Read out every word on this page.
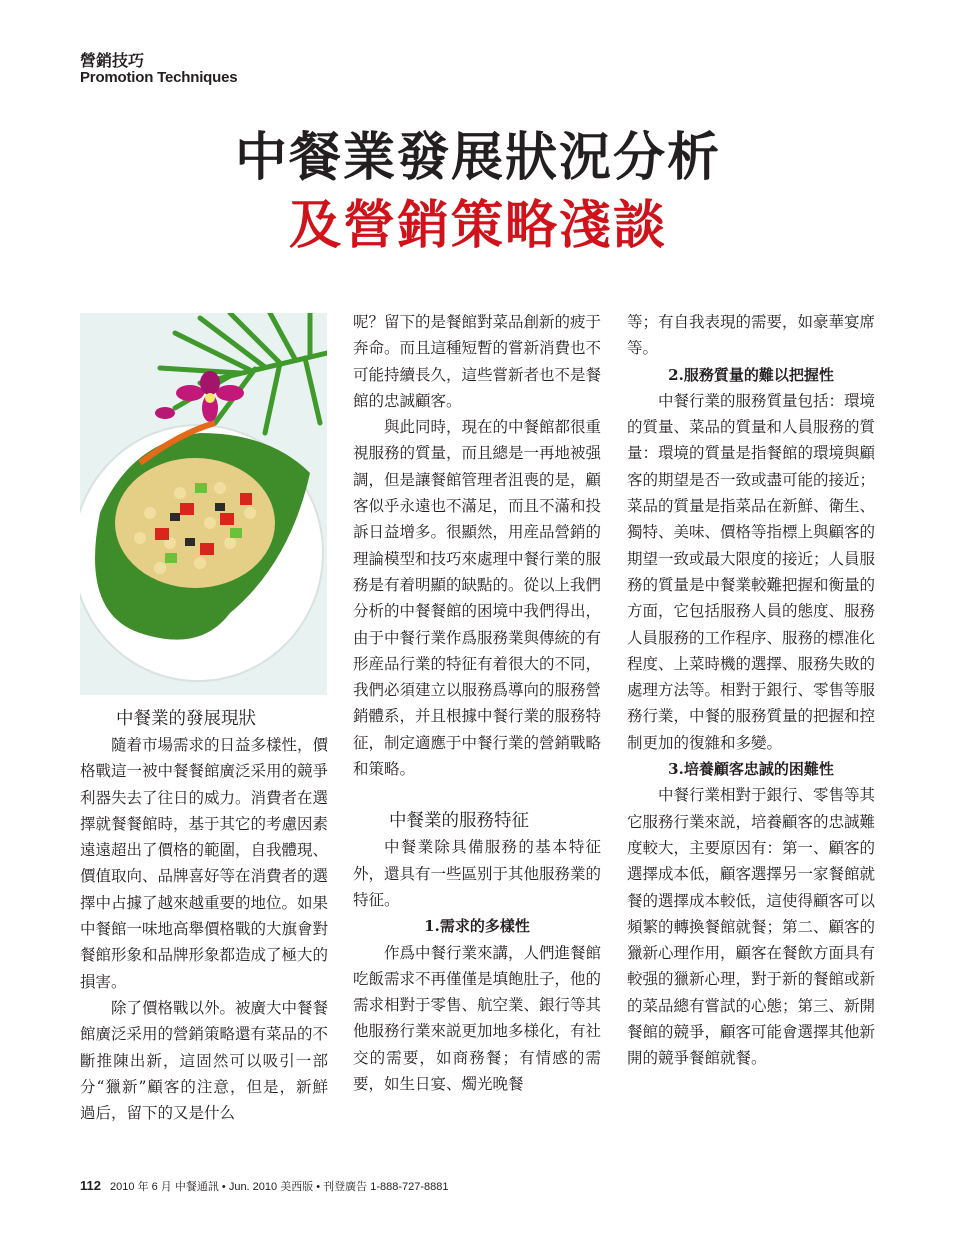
營銷技巧
Promotion Techniques
中餐業發展狀況分析
及營銷策略淺談
中餐業的發展現狀

隨着市場需求的日益多樣性，價格戰這一被中餐餐館廣泛采用的競爭利器失去了往日的威力。消費者在選擇就餐餐館時，基于其它的考慮因素遠遠超出了價格的範圍，自我體現、價值取向、品牌喜好等在消費者的選擇中占據了越來越重要的地位。如果中餐館一味地高舉價格戰的大旗會對餐館形象和品牌形象都造成了極大的損害。

除了價格戰以外。被廣大中餐餐館廣泛采用的營銷策略還有菜品的不斷推陳出新，這固然可以吸引一部分“獵新”顧客的注意，但是，新鮮過后，留下的又是什么

呢？留下的是餐館對菜品創新的疲于奔命。而且這種短暫的嘗新消費也不可能持續長久，這些嘗新者也不是餐館的忠誠顧客。

與此同時，現在的中餐館都很重視服務的質量，而且總是一再地被强調，但是讓餐館管理者沮喪的是，顧客似乎永遠也不滿足，而且不滿和投訴日益增多。很顯然，用産品營銷的理論模型和技巧來處理中餐行業的服務是有着明顯的缺點的。從以上我們分析的中餐餐館的困境中我們得出，由于中餐行業作爲服務業與傳統的有形産品行業的特征有着很大的不同，我們必須建立以服務爲導向的服務營銷體系，并且根據中餐行業的服務特征，制定適應于中餐行業的營銷戰略和策略。

中餐業的服務特征

中餐業除具備服務的基本特征外，還具有一些區别于其他服務業的特征。

1.需求的多樣性

作爲中餐行業來講，人們進餐館吃飯需求不再僅僅是填飽肚子，他的需求相對于零售、航空業、銀行等其他服務行業來説更加地多様化，有社交的需要，如商務餐；有情感的需要，如生日宴、燭光晚餐

等；有自我表現的需要，如豪華宴席等。

2.服務質量的難以把握性

中餐行業的服務質量包括：環境的質量、菜品的質量和人員服務的質量：環境的質量是指餐館的環境與顧客的期望是否一致或盡可能的接近；菜品的質量是指菜品在新鮮、衛生、獨特、美味、價格等指標上與顧客的期望一致或最大限度的接近；人員服務的質量是中餐業較難把握和衡量的方面，它包括服務人員的態度、服務人員服務的工作程序、服務的標准化程度、上菜時機的選擇、服務失敗的處理方法等。相對于銀行、零售等服務行業，中餐的服務質量的把握和控制更加的復雜和多變。

3.培養顧客忠誠的困難性

中餐行業相對于銀行、零售等其它服務行業來説，培養顧客的忠誠難度較大，主要原因有：第一、顧客的選擇成本低，顧客選擇另一家餐館就餐的選擇成本較低，這使得顧客可以頻繁的轉換餐館就餐；第二、顧客的獵新心理作用，顧客在餐飲方面具有較强的獵新心理，對于新的餐館或新的菜品總有嘗試的心態；第三、新開餐館的競爭，顧客可能會選擇其他新開的競爭餐館就餐。

112 2010 年 6 月 中餐通訊 • Jun. 2010 美西版 • 刊登廣告 1-888-727-8881
